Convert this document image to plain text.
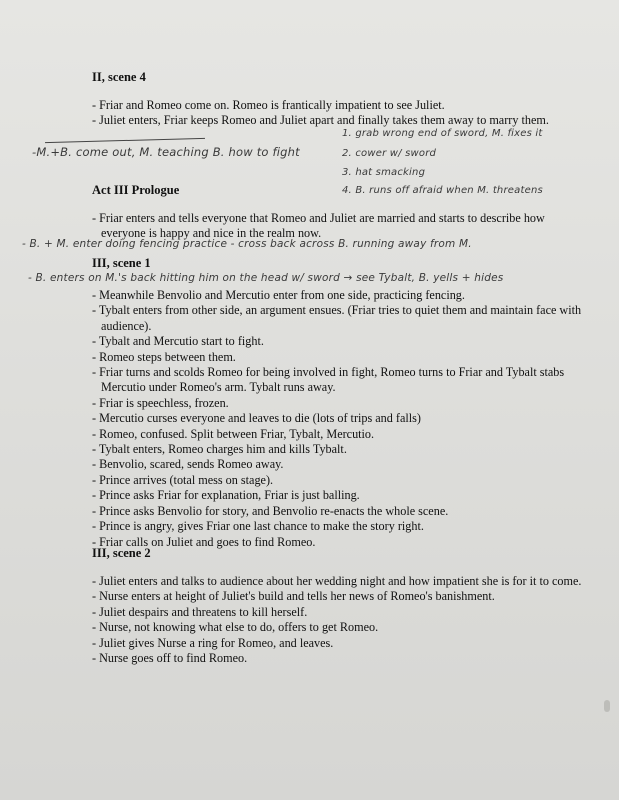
II, scene 4
- Friar and Romeo come on. Romeo is frantically impatient to see Juliet.
- Juliet enters, Friar keeps Romeo and Juliet apart and finally takes them away to marry them.
-M.+B. come out, M. teaching B. how to fight
1. grab wrong end of sword, M. fixes it
2. cower w/ sword
3. hat smacking
4. B. runs off afraid when M. threatens
Act III Prologue
- Friar enters and tells everyone that Romeo and Juliet are married and starts to describe how everyone is happy and nice in the realm now.
- B. + M. enter doing fencing practice - cross back across B. running away from M.
III, scene 1
- B. enters on M.'s back hitting him on the head w/ sword → see Tybalt, B. yells + hides
- Meanwhile Benvolio and Mercutio enter from one side, practicing fencing.
- Tybalt enters from other side, an argument ensues. (Friar tries to quiet them and maintain face with audience).
- Tybalt and Mercutio start to fight.
- Romeo steps between them.
- Friar turns and scolds Romeo for being involved in fight, Romeo turns to Friar and Tybalt stabs Mercutio under Romeo's arm. Tybalt runs away.
- Friar is speechless, frozen.
- Mercutio curses everyone and leaves to die (lots of trips and falls)
- Romeo, confused. Split between Friar, Tybalt, Mercutio.
- Tybalt enters, Romeo charges him and kills Tybalt.
- Benvolio, scared, sends Romeo away.
- Prince arrives (total mess on stage).
- Prince asks Friar for explanation, Friar is just balling.
- Prince asks Benvolio for story, and Benvolio re-enacts the whole scene.
- Prince is angry, gives Friar one last chance to make the story right.
- Friar calls on Juliet and goes to find Romeo.
III, scene 2
- Juliet enters and talks to audience about her wedding night and how impatient she is for it to come.
- Nurse enters at height of Juliet's build and tells her news of Romeo's banishment.
- Juliet despairs and threatens to kill herself.
- Nurse, not knowing what else to do, offers to get Romeo.
- Juliet gives Nurse a ring for Romeo, and leaves.
- Nurse goes off to find Romeo.
